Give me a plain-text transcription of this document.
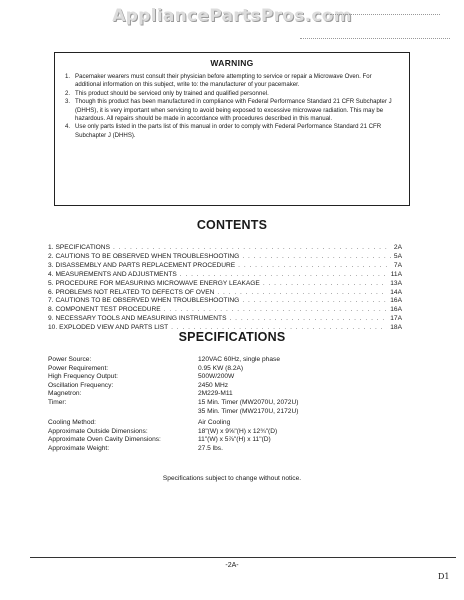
AppliancePartsPros.com
WARNING
1. Pacemaker wearers must consult their physician before attempting to service or repair a Microwave Oven. For additional information on this subject, write to: the manufacturer of your pacemaker.
2. This product should be serviced only by trained and qualified personnel.
3. Though this product has been manufactured in compliance with Federal Performance Standard 21 CFR Subchapter J (DHHS), it is very important when servicing to avoid being exposed to excessive microwave radiation. This may be hazardous. All repairs should be made in accordance with procedures described in this manual.
4. Use only parts listed in the parts list of this manual in order to comply with Federal Performance Standard 21 CFR Subchapter J (DHHS).
CONTENTS
1. SPECIFICATIONS . . .	2A
2. CAUTIONS TO BE OBSERVED WHEN TROUBLESHOOTING . . .	5A
3. DISASSEMBLY AND PARTS REPLACEMENT PROCEDURE . . .	7A
4. MEASUREMENTS AND ADJUSTMENTS . . .	11A
5. PROCEDURE FOR MEASURING MICROWAVE ENERGY LEAKAGE . . .	13A
6. PROBLEMS NOT RELATED TO DEFECTS OF OVEN . . .	14A
7. CAUTIONS TO BE OBSERVED WHEN TROUBLESHOOTING . . .	16A
8. COMPONENT TEST PROCEDURE . . .	16A
9. NECESSARY TOOLS AND MEASURING INSTRUMENTS . . .	17A
10. EXPLODED VIEW AND PARTS LIST . . .	18A
SPECIFICATIONS
Power Source:	120VAC 60Hz, single phase
Power Requirement:	0.95 KW (8.2A)
High Frequency Output:	500W/200W
Oscillation Frequency:	2450 MHz
Magnetron:	2M229-M11
Timer:	15 Min. Timer (MW2070U, 2072U)
35 Min. Timer (MW2170U, 2172U)
Cooling Method:	Air Cooling
Approximate Outside Dimensions:	18"(W) x 9⅝"(H) x 12¾"(D)
Approximate Oven Cavity Dimensions:	11"(W) x 5⅞"(H) x 11"(D)
Approximate Weight:	27.5 lbs.
Specifications subject to change without notice.
-2A-
D1
